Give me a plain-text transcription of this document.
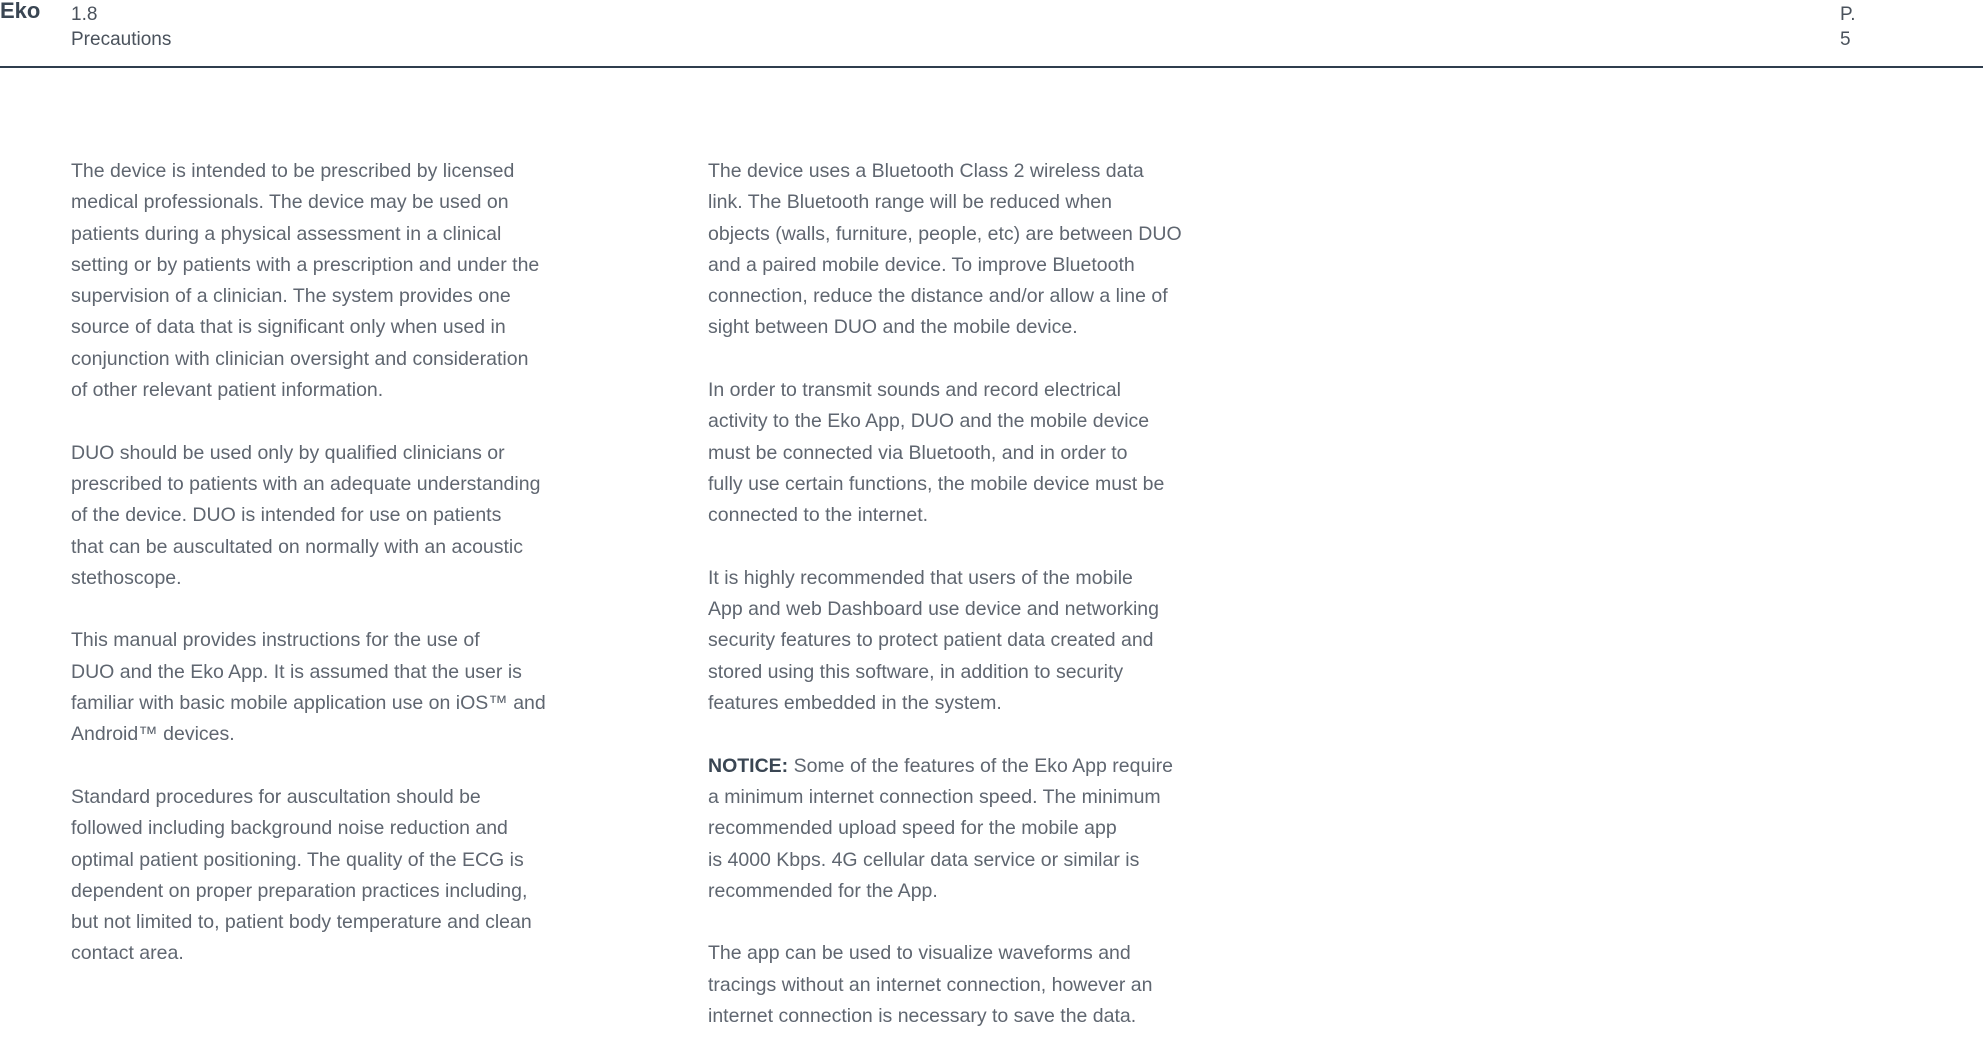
Eko 1.8
Precautions
P.
5

The device is intended to be prescribed by licensed
medical professionals. The device may be used on
patients during a physical assessment in a clinical
setting or by patients with a prescription and under the
supervision of a clinician. The system provides one
source of data that is significant only when used in
conjunction with clinician oversight and consideration
of other relevant patient information.

DUO should be used only by qualified clinicians or
prescribed to patients with an adequate understanding
of the device. DUO is intended for use on patients
that can be auscultated on normally with an acoustic
stethoscope.

This manual provides instructions for the use of
DUO and the Eko App. It is assumed that the user is
familiar with basic mobile application use on iOS™ and
Android™ devices.

Standard procedures for auscultation should be
followed including background noise reduction and
optimal patient positioning. The quality of the ECG is
dependent on proper preparation practices including,
but not limited to, patient body temperature and clean
contact area.

The device uses a Bluetooth Class 2 wireless data
link. The Bluetooth range will be reduced when
objects (walls, furniture, people, etc) are between DUO
and a paired mobile device. To improve Bluetooth
connection, reduce the distance and/or allow a line of
sight between DUO and the mobile device.

In order to transmit sounds and record electrical
activity to the Eko App, DUO and the mobile device
must be connected via Bluetooth, and in order to
fully use certain functions, the mobile device must be
connected to the internet.

It is highly recommended that users of the mobile
App and web Dashboard use device and networking
security features to protect patient data created and
stored using this software, in addition to security
features embedded in the system.

NOTICE: Some of the features of the Eko App require
a minimum internet connection speed. The minimum
recommended upload speed for the mobile app
is 4000 Kbps. 4G cellular data service or similar is
recommended for the App.

The app can be used to visualize waveforms and
tracings without an internet connection, however an
internet connection is necessary to save the data.
